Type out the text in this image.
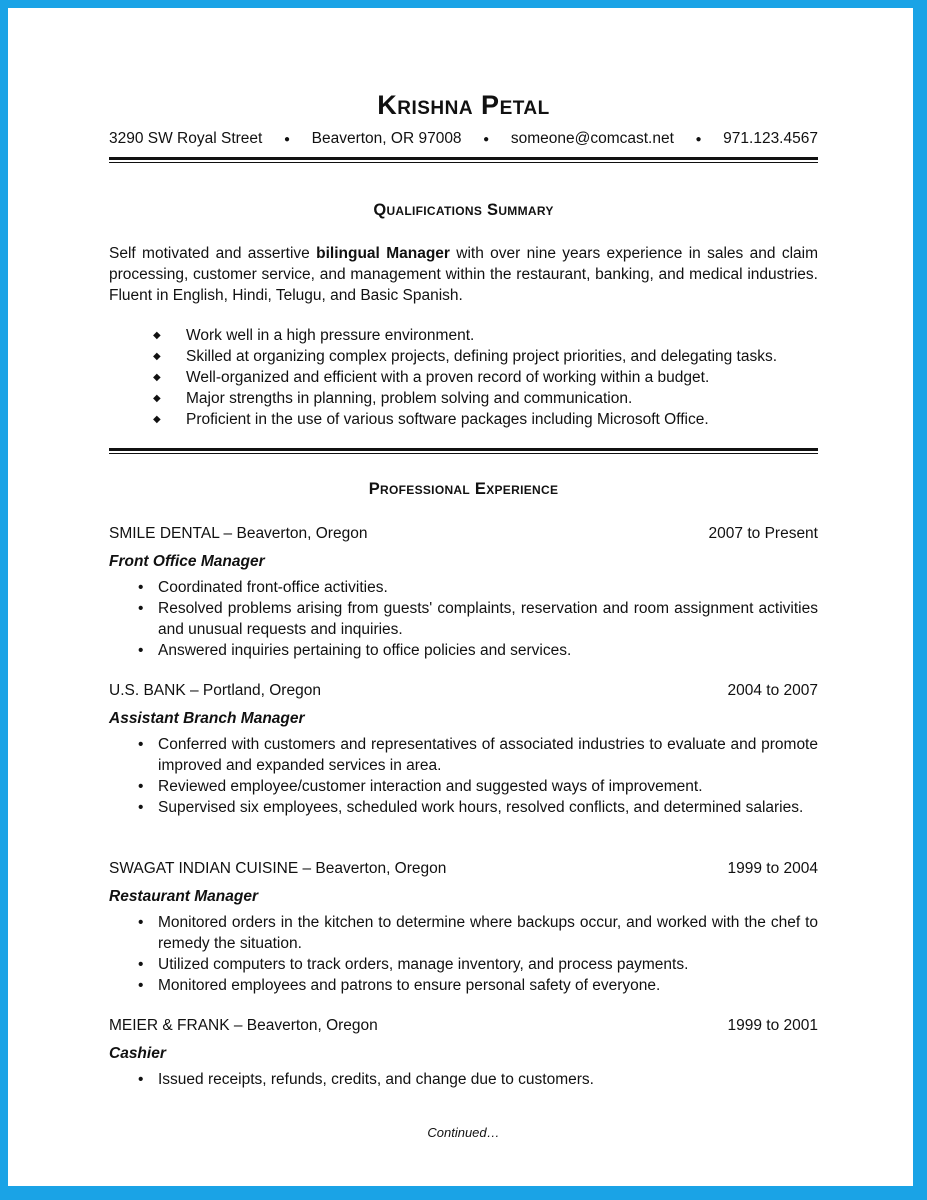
Krishna Petal
3290 SW Royal Street ● Beaverton, OR 97008 ● someone@comcast.net ● 971.123.4567
Qualifications Summary
Self motivated and assertive bilingual Manager with over nine years experience in sales and claim processing, customer service, and management within the restaurant, banking, and medical industries. Fluent in English, Hindi, Telugu, and Basic Spanish.
◆ Work well in a high pressure environment.
◆ Skilled at organizing complex projects, defining project priorities, and delegating tasks.
◆ Well-organized and efficient with a proven record of working within a budget.
◆ Major strengths in planning, problem solving and communication.
◆ Proficient in the use of various software packages including Microsoft Office.
Professional Experience
SMILE DENTAL – Beaverton, Oregon	2007 to Present
Front Office Manager
• Coordinated front-office activities.
• Resolved problems arising from guests' complaints, reservation and room assignment activities and unusual requests and inquiries.
• Answered inquiries pertaining to office policies and services.
U.S. BANK – Portland, Oregon	2004 to 2007
Assistant Branch Manager
• Conferred with customers and representatives of associated industries to evaluate and promote improved and expanded services in area.
• Reviewed employee/customer interaction and suggested ways of improvement.
• Supervised six employees, scheduled work hours, resolved conflicts, and determined salaries.
SWAGAT INDIAN CUISINE – Beaverton, Oregon	1999 to 2004
Restaurant Manager
• Monitored orders in the kitchen to determine where backups occur, and worked with the chef to remedy the situation.
• Utilized computers to track orders, manage inventory, and process payments.
• Monitored employees and patrons to ensure personal safety of everyone.
MEIER & FRANK – Beaverton, Oregon	1999 to 2001
Cashier
• Issued receipts, refunds, credits, and change due to customers.
Continued…
